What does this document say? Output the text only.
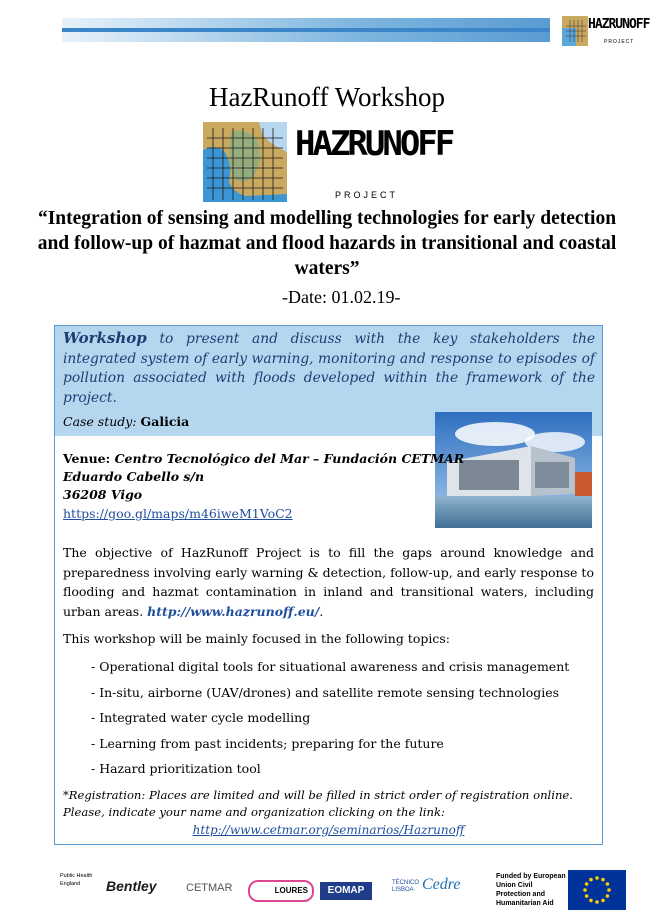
HAZRUNOFF
PROJECT
HazRunoff Workshop
HAZRUNOFF
PROJECT
“Integration of sensing and modelling technologies for early detection and follow-up of hazmat and flood hazards in transitional and coastal waters”
-Date: 01.02.19-

Workshop to present and discuss with the key stakeholders the integrated system of early warning, monitoring and response to episodes of pollution associated with floods developed within the framework of the project.

Case study: Galicia
Venue: Centro Tecnológico del Mar – Fundación CETMAR
Eduardo Cabello s/n
36208 Vigo
https://goo.gl/maps/m46iweM1VoC2
The objective of HazRunoff Project is to fill the gaps around knowledge and preparedness involving early warning & detection, follow-up, and early response to flooding and hazmat contamination in inland and transitional waters, including urban areas. http://www.hazrunoff.eu/.
This workshop will be mainly focused in the following topics:
- Operational digital tools for situational awareness and crisis management
- In-situ, airborne (UAV/drones) and satellite remote sensing technologies
- Integrated water cycle modelling
- Learning from past incidents; preparing for the future
- Hazard prioritization tool
*Registration: Places are limited and will be filled in strict order of registration online. Please, indicate your name and organization clicking on the link:
http://www.cetmar.org/seminarios/Hazrunoff
Public Health England	Bentley	CETMAR	LOURES	EOMAP
TÉCNICO LISBOA Cedre	Funded by European Union Civil Protection and Humanitarian Aid
